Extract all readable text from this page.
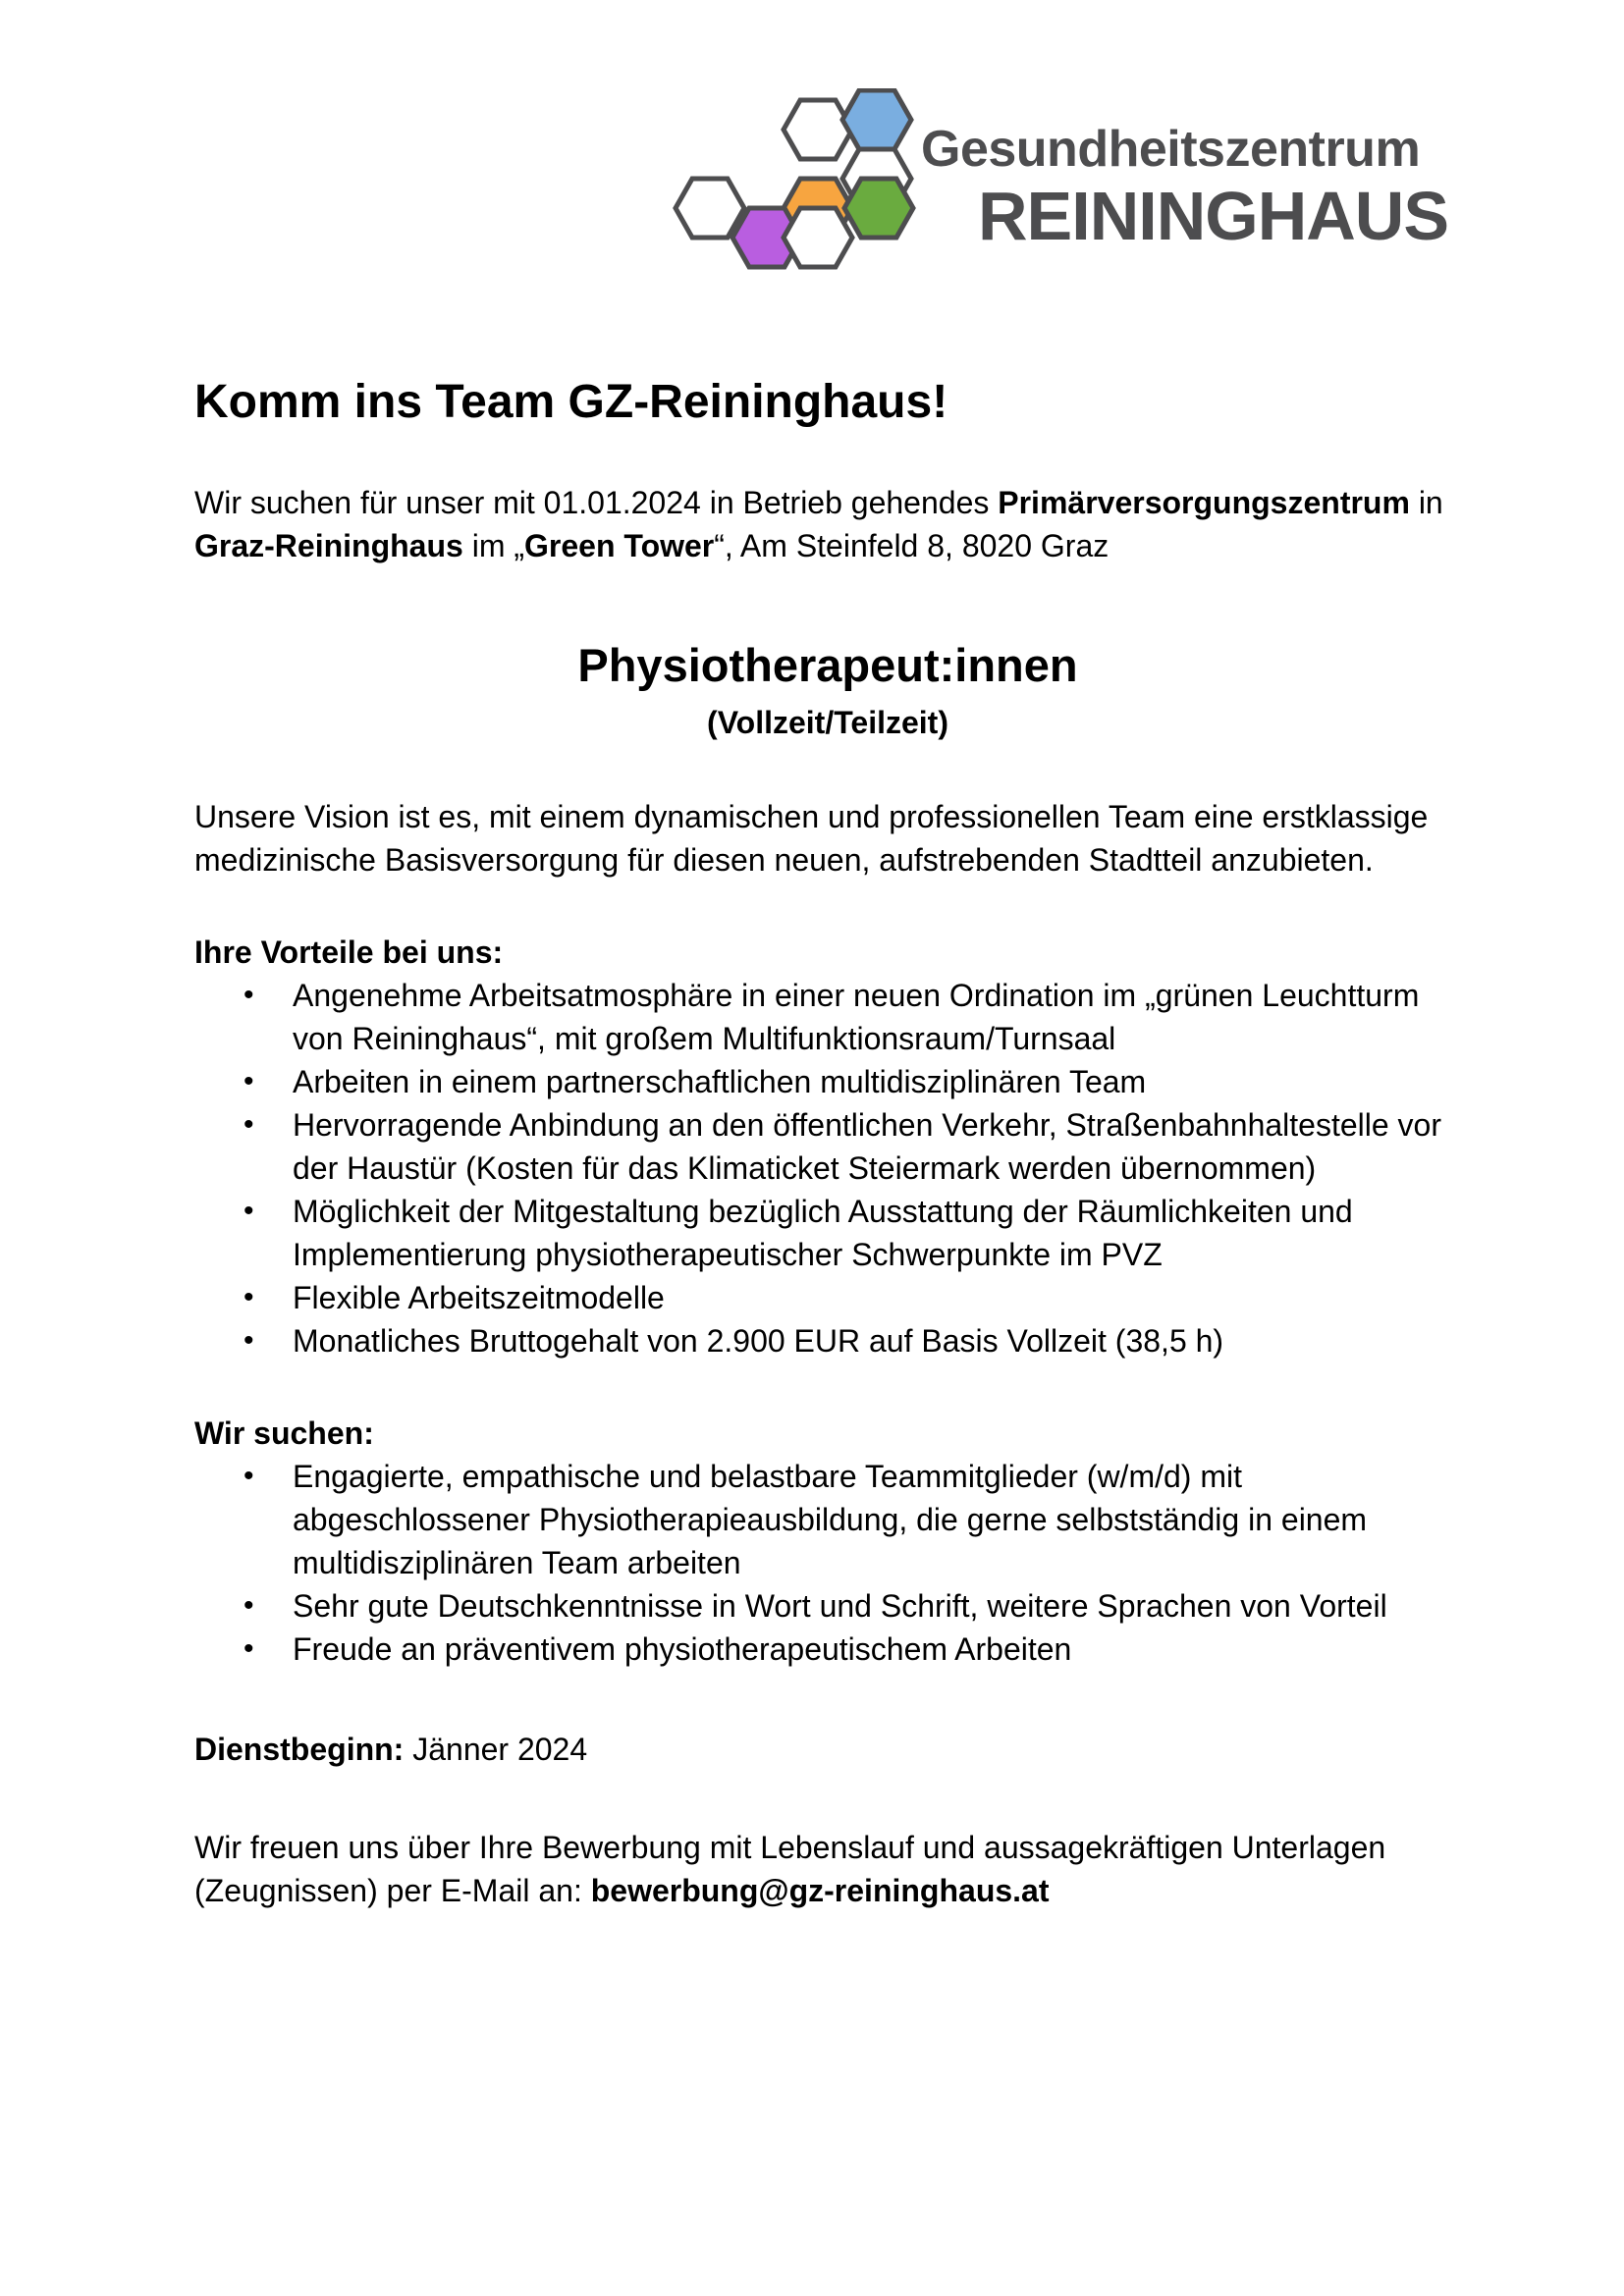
Gesundheitszentrum
REININGHAUS
Komm ins Team GZ-Reininghaus!

Wir suchen für unser mit 01.01.2024 in Betrieb gehendes Primärversorgungszentrum in Graz-Reininghaus im „Green Tower“, Am Steinfeld 8, 8020 Graz

Physiotherapeut:innen
(Vollzeit/Teilzeit)

Unsere Vision ist es, mit einem dynamischen und professionellen Team eine erstklassige medizinische Basisversorgung für diesen neuen, aufstrebenden Stadtteil anzubieten.

Ihre Vorteile bei uns:
• Angenehme Arbeitsatmosphäre in einer neuen Ordination im „grünen Leuchtturm von Reininghaus“, mit großem Multifunktionsraum/Turnsaal
• Arbeiten in einem partnerschaftlichen multidisziplinären Team
• Hervorragende Anbindung an den öffentlichen Verkehr, Straßenbahnhaltestelle vor der Haustür (Kosten für das Klimaticket Steiermark werden übernommen)
• Möglichkeit der Mitgestaltung bezüglich Ausstattung der Räumlichkeiten und Implementierung physiotherapeutischer Schwerpunkte im PVZ
• Flexible Arbeitszeitmodelle
• Monatliches Bruttogehalt von 2.900 EUR auf Basis Vollzeit (38,5 h)
Wir suchen:
• Engagierte, empathische und belastbare Teammitglieder (w/m/d) mit abgeschlossener Physiotherapieausbildung, die gerne selbstständig in einem multidisziplinären Team arbeiten
• Sehr gute Deutschkenntnisse in Wort und Schrift, weitere Sprachen von Vorteil
• Freude an präventivem physiotherapeutischem Arbeiten

Dienstbeginn: Jänner 2024

Wir freuen uns über Ihre Bewerbung mit Lebenslauf und aussagekräftigen Unterlagen (Zeugnissen) per E-Mail an: bewerbung@gz-reininghaus.at
